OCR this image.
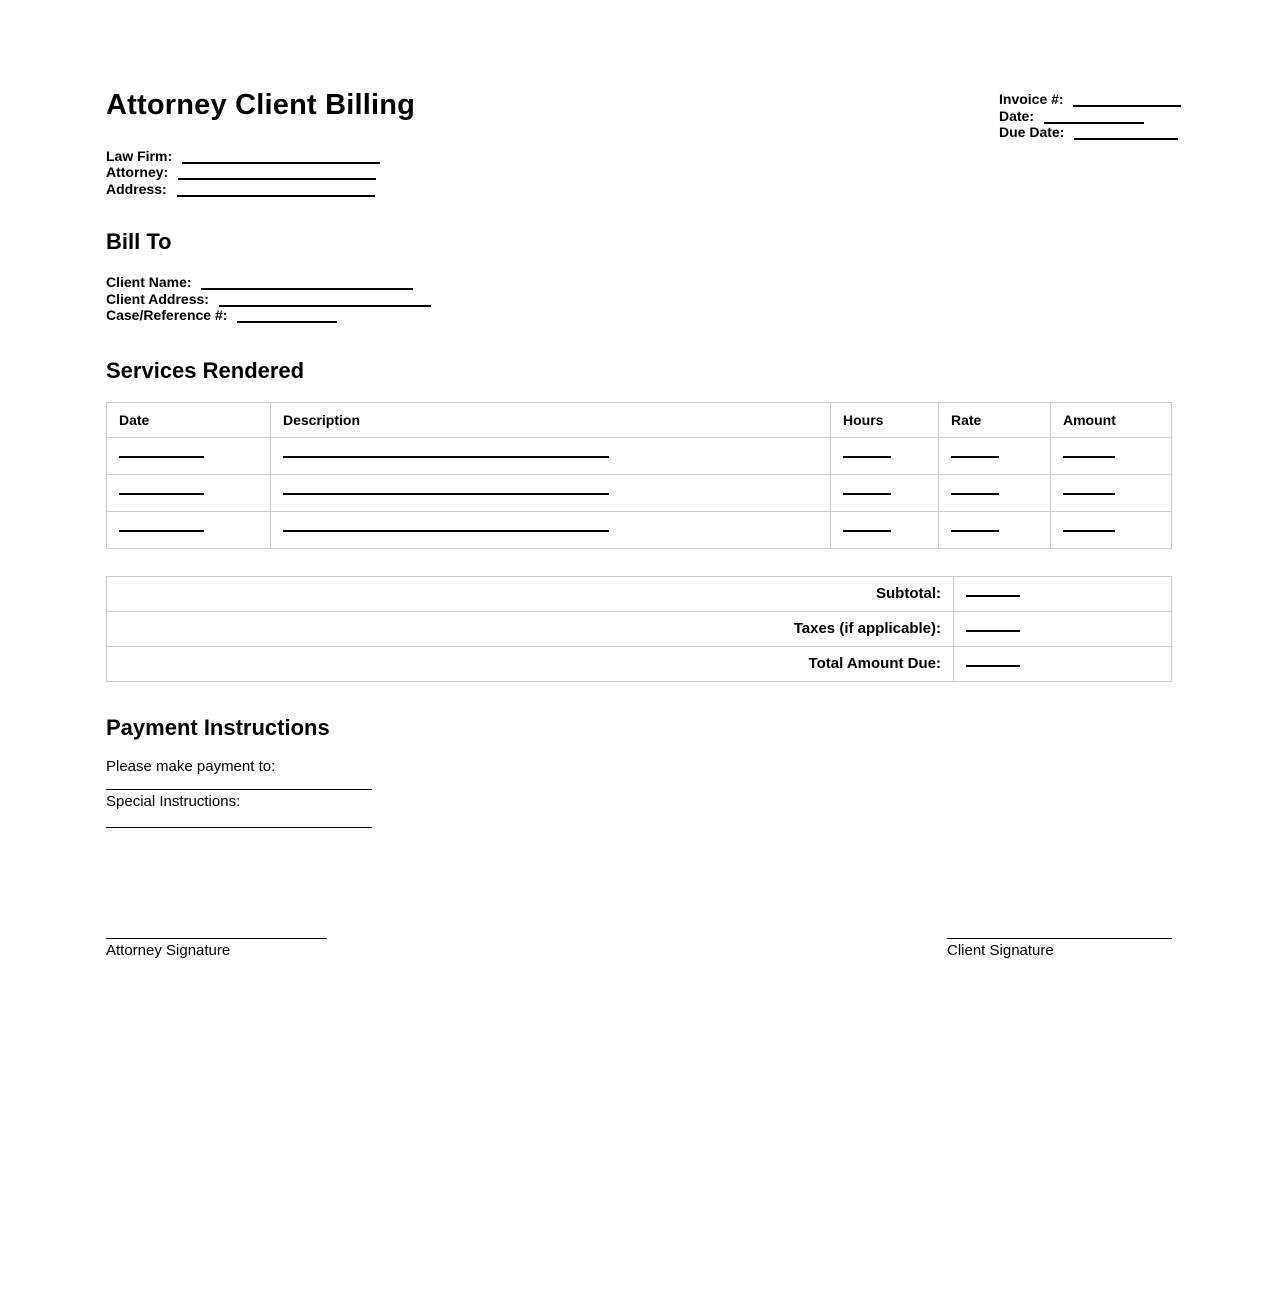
Attorney Client Billing	Invoice #:

Date:

Due Date:

Law Firm:

Attorney:

Address:

Bill To

Client Name:

Client Address:

Case/Reference #:

Services Rendered
Date	Description	Hours	Rate	Amount

Subtotal:	
Taxes (if applicable):	
Total Amount Due:	
Payment Instructions

Please make payment to:

Special Instructions:

Attorney Signature	Client Signature
